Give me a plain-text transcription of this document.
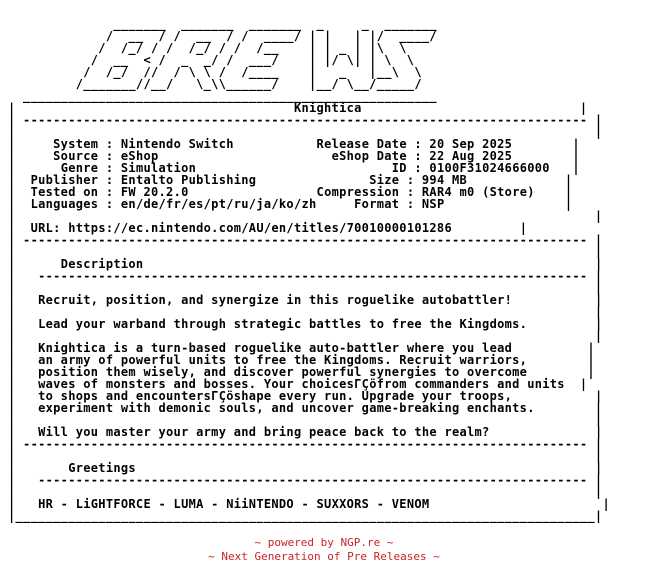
_______  _______  _______  _     _  _______
/  __  / /  __  / /  ____/ | |   | |/  ____/
/  /_/ / /  /_/ / /  /__    | | _ | |\  \
/  __  < /  _  _/ /  ___/    | |/ \| | \  \
/  /_/  //  / \ \ /  /____    |   _   |__\  \
/_______//__/   \_\\______/    |__/ \__/_____/
_______________________________________________________
|	Knightica	|
| --------------------------------------------------------------------------- |
|                                                                             |
|	System : Nintendo Switch	Release Date : 20 Sep 2025	|
|	Source : eShop	eShop Date : 22 Aug 2025	|
|	Genre : Simulation	ID : 0100F31024666000   |
|  Publisher : Entalto Publishing	Size : 994 MB	|
|  Tested on : FW 20.2.0	Compression : RAR4 m0 (Store)	|
|  Languages : en/de/fr/es/pt/ru/ja/ko/zh	Format : NSP	|
|                                                                             |
|  URL: https://ec.nintendo.com/AU/en/titles/70010000101286	|
| --------------------------------------------------------------------------- |
|                                                                             |
|	Description	|
|   ------------------------------------------------------------------------- |
|                                                                             |
|   Recruit, position, and synergize in this roguelike autobattler!	|
|                                                                             |
|   Lead your warband through strategic battles to free the Kingdoms.	|
|                                                                             |
|   Knightica is a turn-based roguelike auto-battler where you lead	|
|   an army of powerful units to free the Kingdoms. Recruit warriors,	|
|   position them wisely, and discover powerful synergies to overcome	|
|   waves of monsters and bosses. Your choicesΓÇöfrom commanders and units  |
|   to shops and encountersΓÇöshape every run. Upgrade your troops,	|
|   experiment with demonic souls, and uncover game-breaking enchants.	|
|                                                                             |
|   Will you master your army and bring peace back to the realm?	|
| --------------------------------------------------------------------------- |
|                                                                             |
|	Greetings	|
|   ------------------------------------------------------------------------- |
|                                                                             |
|   HR - LiGHTFORCE - LUMA - NiiNTENDO - SUXXORS - VENOM	|
|_____________________________________________________________________________|
~ powered by NGP.re ~
~ Next Generation of Pre Releases ~
